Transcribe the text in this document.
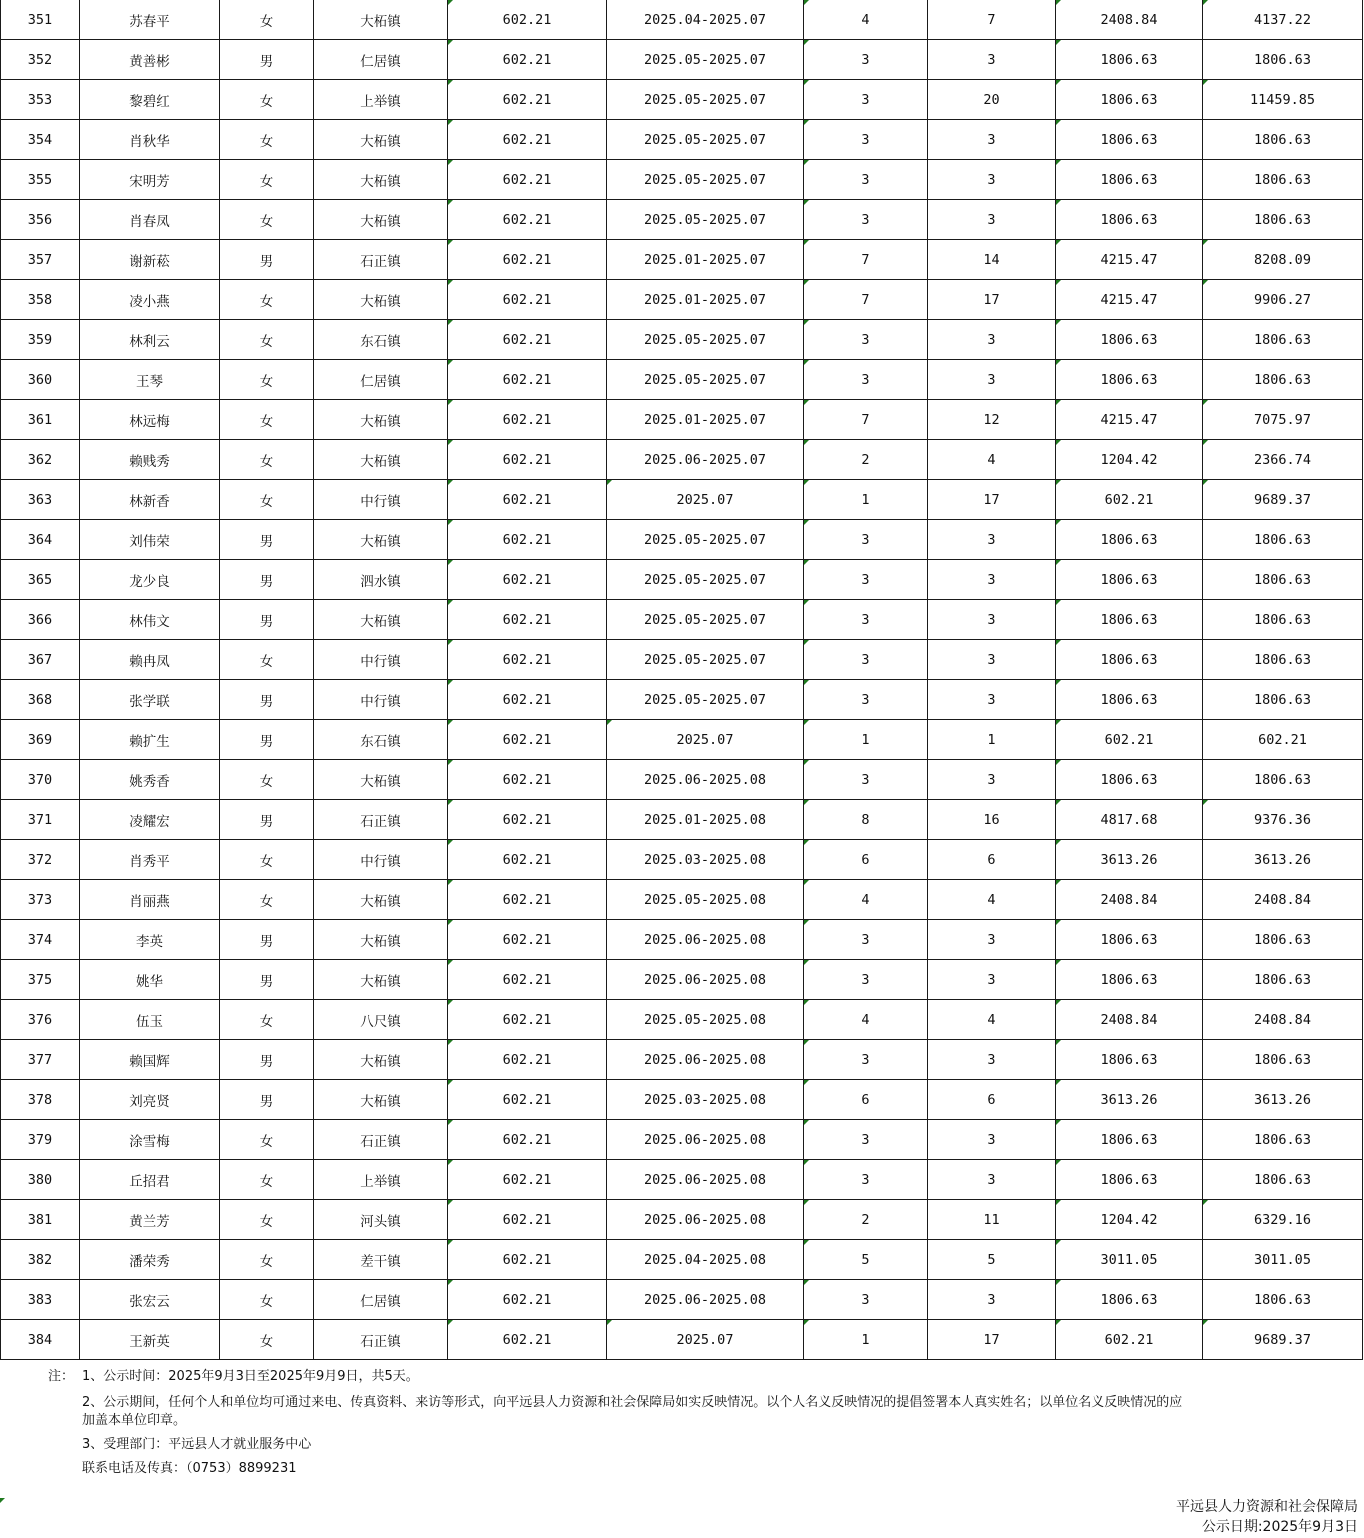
351	苏春平	女	大柘镇	602.21	2025.04-2025.07	4	7	2408.84	4137.22
352	黄善彬	男	仁居镇	602.21	2025.05-2025.07	3	3	1806.63	1806.63
353	黎碧红	女	上举镇	602.21	2025.05-2025.07	3	20	1806.63	11459.85
354	肖秋华	女	大柘镇	602.21	2025.05-2025.07	3	3	1806.63	1806.63
355	宋明芳	女	大柘镇	602.21	2025.05-2025.07	3	3	1806.63	1806.63
356	肖春凤	女	大柘镇	602.21	2025.05-2025.07	3	3	1806.63	1806.63
357	谢新菘	男	石正镇	602.21	2025.01-2025.07	7	14	4215.47	8208.09
358	凌小燕	女	大柘镇	602.21	2025.01-2025.07	7	17	4215.47	9906.27
359	林利云	女	东石镇	602.21	2025.05-2025.07	3	3	1806.63	1806.63
360	王琴	女	仁居镇	602.21	2025.05-2025.07	3	3	1806.63	1806.63
361	林远梅	女	大柘镇	602.21	2025.01-2025.07	7	12	4215.47	7075.97
362	赖贱秀	女	大柘镇	602.21	2025.06-2025.07	2	4	1204.42	2366.74
363	林新香	女	中行镇	602.21	2025.07	1	17	602.21	9689.37
364	刘伟荣	男	大柘镇	602.21	2025.05-2025.07	3	3	1806.63	1806.63
365	龙少良	男	泗水镇	602.21	2025.05-2025.07	3	3	1806.63	1806.63
366	林伟文	男	大柘镇	602.21	2025.05-2025.07	3	3	1806.63	1806.63
367	赖冉凤	女	中行镇	602.21	2025.05-2025.07	3	3	1806.63	1806.63
368	张学联	男	中行镇	602.21	2025.05-2025.07	3	3	1806.63	1806.63
369	赖扩生	男	东石镇	602.21	2025.07	1	1	602.21	602.21
370	姚秀香	女	大柘镇	602.21	2025.06-2025.08	3	3	1806.63	1806.63
371	凌耀宏	男	石正镇	602.21	2025.01-2025.08	8	16	4817.68	9376.36
372	肖秀平	女	中行镇	602.21	2025.03-2025.08	6	6	3613.26	3613.26
373	肖丽燕	女	大柘镇	602.21	2025.05-2025.08	4	4	2408.84	2408.84
374	李英	男	大柘镇	602.21	2025.06-2025.08	3	3	1806.63	1806.63
375	姚华	男	大柘镇	602.21	2025.06-2025.08	3	3	1806.63	1806.63
376	伍玉	女	八尺镇	602.21	2025.05-2025.08	4	4	2408.84	2408.84
377	赖国辉	男	大柘镇	602.21	2025.06-2025.08	3	3	1806.63	1806.63
378	刘亮贤	男	大柘镇	602.21	2025.03-2025.08	6	6	3613.26	3613.26
379	涂雪梅	女	石正镇	602.21	2025.06-2025.08	3	3	1806.63	1806.63
380	丘招君	女	上举镇	602.21	2025.06-2025.08	3	3	1806.63	1806.63
381	黄兰芳	女	河头镇	602.21	2025.06-2025.08	2	11	1204.42	6329.16
382	潘荣秀	女	差干镇	602.21	2025.04-2025.08	5	5	3011.05	3011.05
383	张宏云	女	仁居镇	602.21	2025.06-2025.08	3	3	1806.63	1806.63
384	王新英	女	石正镇	602.21	2025.07	1	17	602.21	9689.37
注： 1、公示时间：2025年9月3日至2025年9月9日，共5天。
2、公示期间，任何个人和单位均可通过来电、传真资料、来访等形式，向平远县人力资源和社会保障局如实反映情况。以个人名义反映情况的提倡签署本人真实姓名；以单位名义反映情况的应
加盖本单位印章。
3、受理部门：平远县人才就业服务中心
联系电话及传真：（0753）8899231
平远县人力资源和社会保障局
公示日期:2025年9月3日
